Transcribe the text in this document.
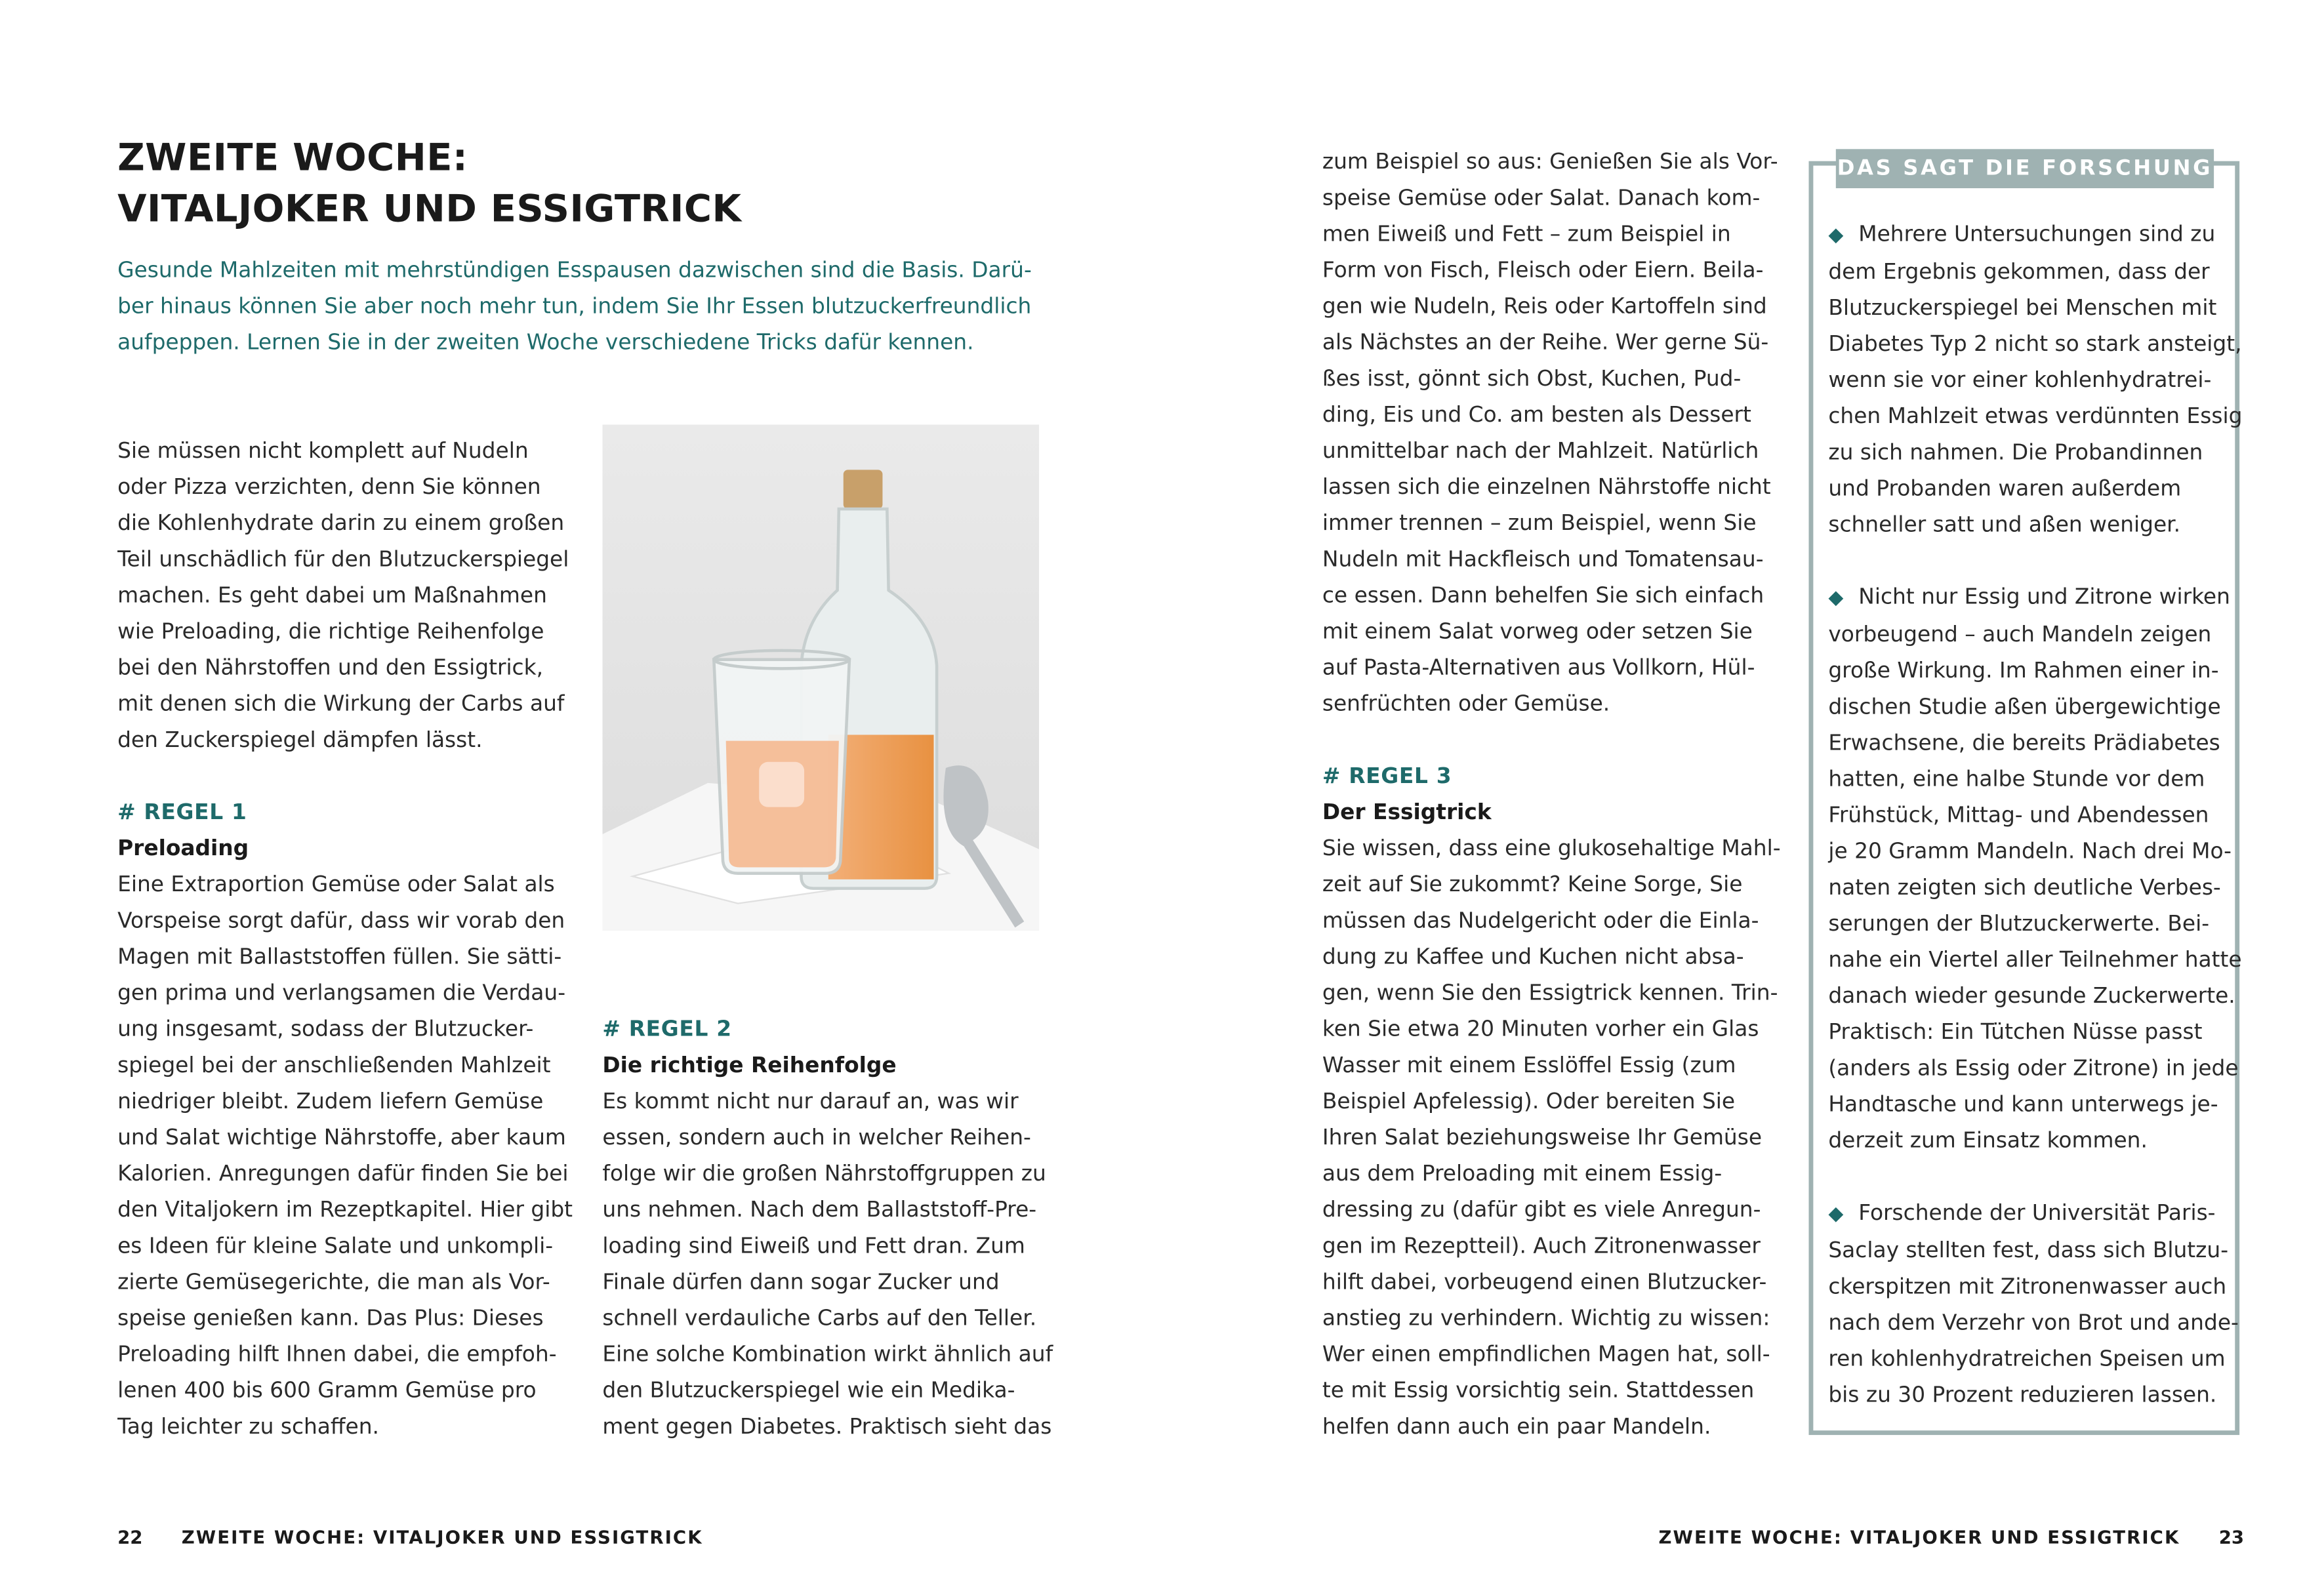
ZWEITE WOCHE:
VITALJOKER UND ESSIGTRICK
Gesunde Mahlzeiten mit mehrstündigen Esspausen dazwischen sind die Basis. Darü-
ber hinaus können Sie aber noch mehr tun, indem Sie Ihr Essen blutzuckerfreundlich
aufpeppen. Lernen Sie in der zweiten Woche verschiedene Tricks dafür kennen.
Sie müssen nicht komplett auf Nudeln
oder Pizza verzichten, denn Sie können
die Kohlenhydrate darin zu einem großen
Teil unschädlich für den Blutzuckerspiegel
machen. Es geht dabei um Maßnahmen
wie Preloading, die richtige Reihenfolge
bei den Nährstoffen und den Essigtrick,
mit denen sich die Wirkung der Carbs auf
den Zuckerspiegel dämpfen lässt.
# REGEL 1
Preloading
Eine Extraportion Gemüse oder Salat als
Vorspeise sorgt dafür, dass wir vorab den
Magen mit Ballaststoffen füllen. Sie sätti-
gen prima und verlangsamen die Verdau-
ung insgesamt, sodass der Blutzucker-
spiegel bei der anschließenden Mahlzeit
niedriger bleibt. Zudem liefern Gemüse
und Salat wichtige Nährstoffe, aber kaum
Kalorien. Anregungen dafür finden Sie bei
den Vitaljokern im Rezeptkapitel. Hier gibt
es Ideen für kleine Salate und unkompli-
zierte Gemüsegerichte, die man als Vor-
speise genießen kann. Das Plus: Dieses
Preloading hilft Ihnen dabei, die empfoh-
lenen 400 bis 600 Gramm Gemüse pro
Tag leichter zu schaffen.
# REGEL 2
Die richtige Reihenfolge
Es kommt nicht nur darauf an, was wir
essen, sondern auch in welcher Reihen-
folge wir die großen Nährstoffgruppen zu
uns nehmen. Nach dem Ballaststoff-Pre-
loading sind Eiweiß und Fett dran. Zum
Finale dürfen dann sogar Zucker und
schnell verdauliche Carbs auf den Teller.
Eine solche Kombination wirkt ähnlich auf
den Blutzuckerspiegel wie ein Medika-
ment gegen Diabetes. Praktisch sieht das
zum Beispiel so aus: Genießen Sie als Vor-
speise Gemüse oder Salat. Danach kom-
men Eiweiß und Fett – zum Beispiel in
Form von Fisch, Fleisch oder Eiern. Beila-
gen wie Nudeln, Reis oder Kartoffeln sind
als Nächstes an der Reihe. Wer gerne Sü-
ßes isst, gönnt sich Obst, Kuchen, Pud-
ding, Eis und Co. am besten als Dessert
unmittelbar nach der Mahlzeit. Natürlich
lassen sich die einzelnen Nährstoffe nicht
immer trennen – zum Beispiel, wenn Sie
Nudeln mit Hackfleisch und Tomatensau-
ce essen. Dann behelfen Sie sich einfach
mit einem Salat vorweg oder setzen Sie
auf Pasta-Alternativen aus Vollkorn, Hül-
senfrüchten oder Gemüse.
# REGEL 3
Der Essigtrick
Sie wissen, dass eine glukosehaltige Mahl-
zeit auf Sie zukommt? Keine Sorge, Sie
müssen das Nudelgericht oder die Einla-
dung zu Kaffee und Kuchen nicht absa-
gen, wenn Sie den Essigtrick kennen. Trin-
ken Sie etwa 20 Minuten vorher ein Glas
Wasser mit einem Esslöffel Essig (zum
Beispiel Apfelessig). Oder bereiten Sie
Ihren Salat beziehungsweise Ihr Gemüse
aus dem Preloading mit einem Essig-
dressing zu (dafür gibt es viele Anregun-
gen im Rezeptteil). Auch Zitronenwasser
hilft dabei, vorbeugend einen Blutzucker-
anstieg zu verhindern. Wichtig zu wissen:
Wer einen empfindlichen Magen hat, soll-
te mit Essig vorsichtig sein. Stattdessen
helfen dann auch ein paar Mandeln.
DAS SAGT DIE FORSCHUNG
◆ Mehrere Untersuchungen sind zu
dem Ergebnis gekommen, dass der
Blutzuckerspiegel bei Menschen mit
Diabetes Typ 2 nicht so stark ansteigt,
wenn sie vor einer kohlenhydratrei-
chen Mahlzeit etwas verdünnten Essig
zu sich nahmen. Die Probandinnen
und Probanden waren außerdem
schneller satt und aßen weniger.
◆ Nicht nur Essig und Zitrone wirken
vorbeugend – auch Mandeln zeigen
große Wirkung. Im Rahmen einer in-
dischen Studie aßen übergewichtige
Erwachsene, die bereits Prädiabetes
hatten, eine halbe Stunde vor dem
Frühstück, Mittag- und Abendessen
je 20 Gramm Mandeln. Nach drei Mo-
naten zeigten sich deutliche Verbes-
serungen der Blutzuckerwerte. Bei-
nahe ein Viertel aller Teilnehmer hatte
danach wieder gesunde Zuckerwerte.
Praktisch: Ein Tütchen Nüsse passt
(anders als Essig oder Zitrone) in jede
Handtasche und kann unterwegs je-
derzeit zum Einsatz kommen.
◆ Forschende der Universität Paris-
Saclay stellten fest, dass sich Blutzu-
ckerspitzen mit Zitronenwasser auch
nach dem Verzehr von Brot und ande-
ren kohlenhydratreichen Speisen um
bis zu 30 Prozent reduzieren lassen.
22	ZWEITE WOCHE: VITALJOKER UND ESSIGTRICK	ZWEITE WOCHE: VITALJOKER UND ESSIGTRICK	23
